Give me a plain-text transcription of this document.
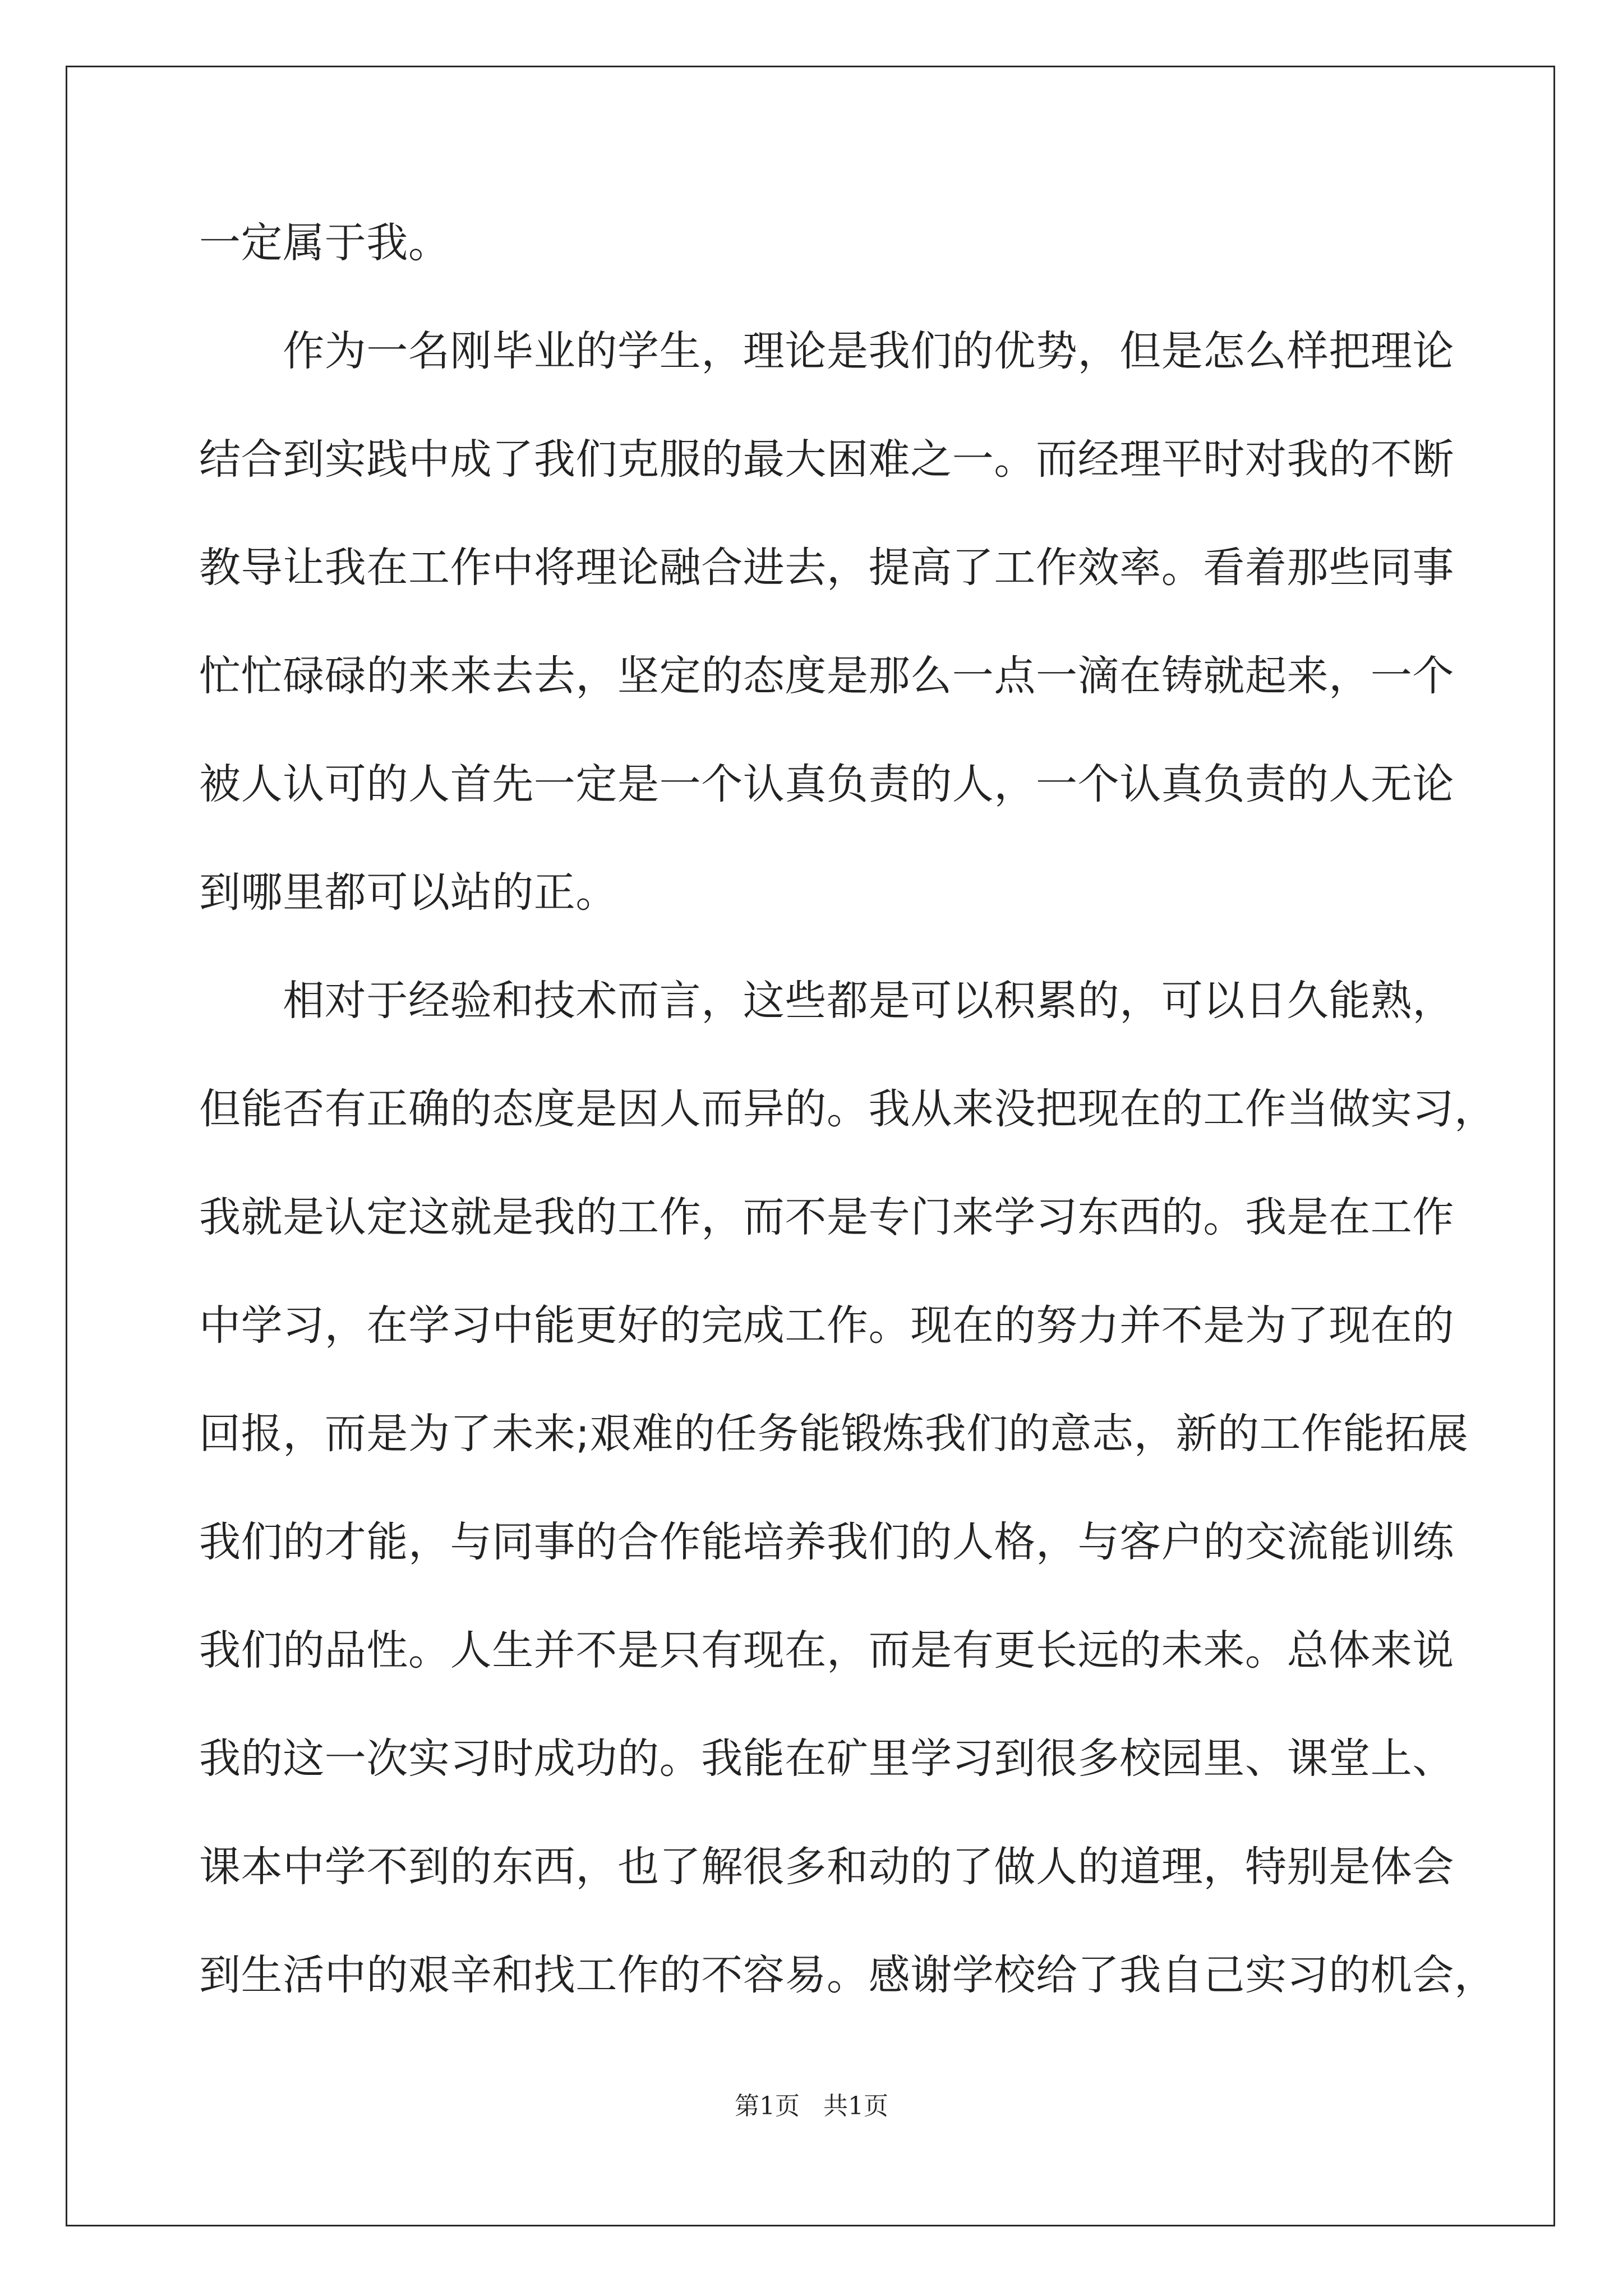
一定属于我。
　　作为一名刚毕业的学生，理论是我们的优势，但是怎么样把理论
结合到实践中成了我们克服的最大困难之一。而经理平时对我的不断
教导让我在工作中将理论融合进去，提高了工作效率。看着那些同事
忙忙碌碌的来来去去，坚定的态度是那么一点一滴在铸就起来，一个
被人认可的人首先一定是一个认真负责的人，一个认真负责的人无论
到哪里都可以站的正。
　　相对于经验和技术而言，这些都是可以积累的，可以日久能熟，
但能否有正确的态度是因人而异的。我从来没把现在的工作当做实习，
我就是认定这就是我的工作，而不是专门来学习东西的。我是在工作
中学习，在学习中能更好的完成工作。现在的努力并不是为了现在的
回报，而是为了未来;艰难的任务能锻炼我们的意志，新的工作能拓展
我们的才能，与同事的合作能培养我们的人格，与客户的交流能训练
我们的品性。人生并不是只有现在，而是有更长远的未来。总体来说
我的这一次实习时成功的。我能在矿里学习到很多校园里、课堂上、
课本中学不到的东西，也了解很多和动的了做人的道理，特别是体会
到生活中的艰辛和找工作的不容易。感谢学校给了我自己实习的机会，
第1页 共1页
